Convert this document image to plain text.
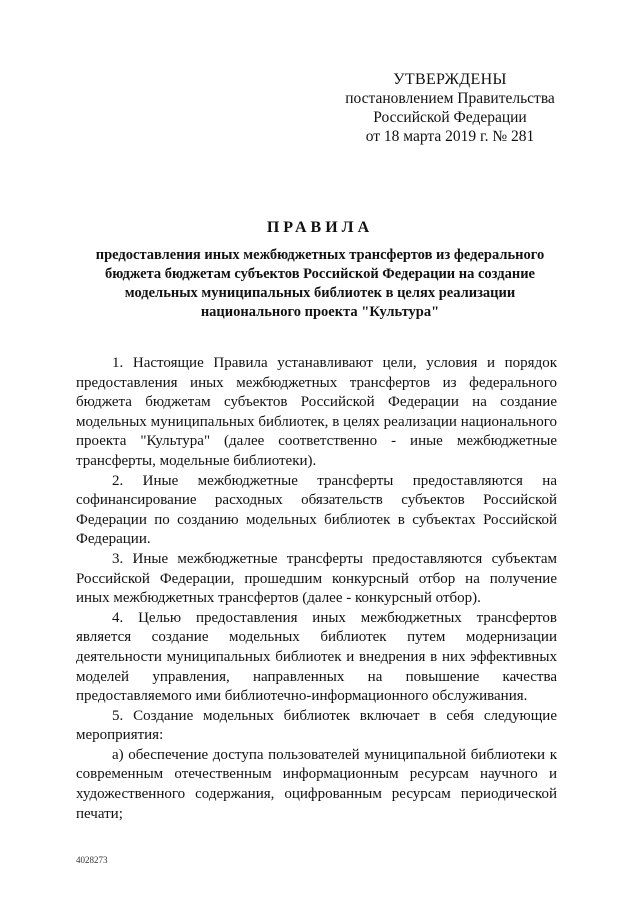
УТВЕРЖДЕНЫ
постановлением Правительства
Российской Федерации
от 18 марта 2019 г. № 281
ПРАВИЛА
предоставления иных межбюджетных трансфертов из федерального бюджета бюджетам субъектов Российской Федерации на создание модельных муниципальных библиотек в целях реализации национального проекта "Культура"

1. Настоящие Правила устанавливают цели, условия и порядок предоставления иных межбюджетных трансфертов из федерального бюджета бюджетам субъектов Российской Федерации на создание модельных муниципальных библиотек, в целях реализации национального проекта "Культура" (далее соответственно - иные межбюджетные трансферты, модельные библиотеки).

2. Иные межбюджетные трансферты предоставляются на софинансирование расходных обязательств субъектов Российской Федерации по созданию модельных библиотек в субъектах Российской Федерации.

3. Иные межбюджетные трансферты предоставляются субъектам Российской Федерации, прошедшим конкурсный отбор на получение иных межбюджетных трансфертов (далее - конкурсный отбор).

4. Целью предоставления иных межбюджетных трансфертов является создание модельных библиотек путем модернизации деятельности муниципальных библиотек и внедрения в них эффективных моделей управления, направленных на повышение качества предоставляемого ими библиотечно-информационного обслуживания.

5. Создание модельных библиотек включает в себя следующие мероприятия:

а) обеспечение доступа пользователей муниципальной библиотеки к современным отечественным информационным ресурсам научного и художественного содержания, оцифрованным ресурсам периодической печати;

4028273
